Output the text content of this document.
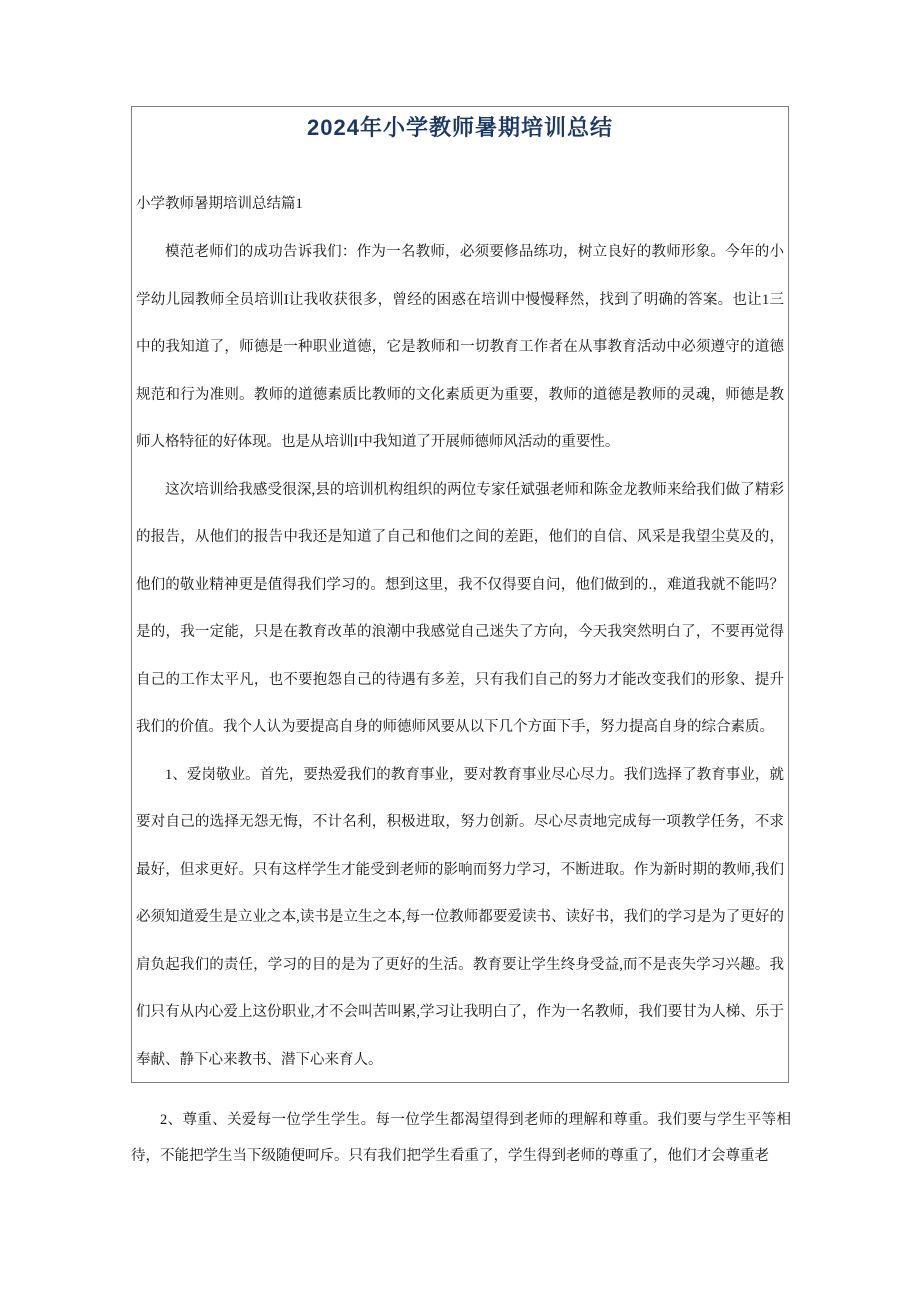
2024年小学教师暑期培训总结
小学教师暑期培训总结篇1

模范老师们的成功告诉我们：作为一名教师，必须要修品练功，树立良好的教师形象。今年的小学幼儿园教师全员培训I让我收获很多，曾经的困惑在培训中慢慢释然，找到了明确的答案。也让1三中的我知道了，师德是一种职业道德，它是教师和一切教育工作者在从事教育活动中必须遵守的道德规范和行为准则。教师的道德素质比教师的文化素质更为重要，教师的道德是教师的灵魂，师德是教师人格特征的好体现。也是从培训I中我知道了开展师德师风活动的重要性。

这次培训给我感受很深,县的培训机构组织的两位专家任斌强老师和陈金龙教师来给我们做了精彩的报告，从他们的报告中我还是知道了自己和他们之间的差距，他们的自信、风采是我望尘莫及的，他们的敬业精神更是值得我们学习的。想到这里，我不仅得要自问，他们做到的.，难道我就不能吗？是的，我一定能，只是在教育改革的浪潮中我感觉自己迷失了方向，今天我突然明白了，不要再觉得自己的工作太平凡，也不要抱怨自己的待遇有多差，只有我们自己的努力才能改变我们的形象、提升我们的价值。我个人认为要提高自身的师德师风要从以下几个方面下手，努力提高自身的综合素质。

1、爱岗敬业。首先，要热爱我们的教育事业，要对教育事业尽心尽力。我们选择了教育事业，就要对自己的选择无怨无悔，不计名利，积极进取，努力创新。尽心尽责地完成每一项教学任务，不求最好，但求更好。只有这样学生才能受到老师的影响而努力学习，不断进取。作为新时期的教师,我们必须知道爱生是立业之本,读书是立生之本,每一位教师都要爱读书、读好书，我们的学习是为了更好的肩负起我们的责任，学习的目的是为了更好的生活。教育要让学生终身受益,而不是丧失学习兴趣。我们只有从内心爱上这份职业,才不会叫苦叫累,学习让我明白了，作为一名教师，我们要甘为人梯、乐于奉献、静下心来教书、潜下心来育人。

2、尊重、关爱每一位学生学生。每一位学生都渴望得到老师的理解和尊重。我们要与学生平等相待，不能把学生当下级随便呵斥。只有我们把学生看重了，学生得到老师的尊重了，他们才会尊重老
